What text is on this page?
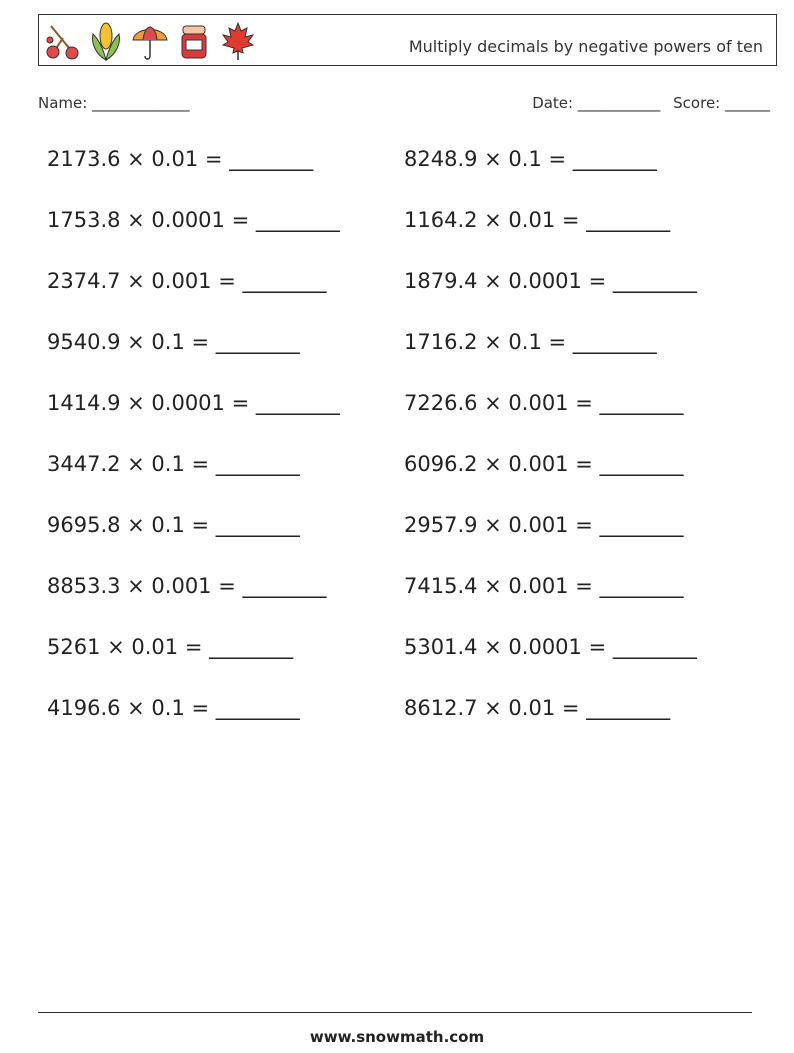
Multiply decimals by negative powers of ten
Name: _____________	Date: ___________ Score: ______
2173.6 × 0.01 = ________	8248.9 × 0.1 = ________
1753.8 × 0.0001 = ________	1164.2 × 0.01 = ________
2374.7 × 0.001 = ________	1879.4 × 0.0001 = ________
9540.9 × 0.1 = ________	1716.2 × 0.1 = ________
1414.9 × 0.0001 = ________	7226.6 × 0.001 = ________
3447.2 × 0.1 = ________	6096.2 × 0.001 = ________
9695.8 × 0.1 = ________	2957.9 × 0.001 = ________
8853.3 × 0.001 = ________	7415.4 × 0.001 = ________
5261 × 0.01 = ________	5301.4 × 0.0001 = ________
4196.6 × 0.1 = ________	8612.7 × 0.01 = ________
www.snowmath.com
